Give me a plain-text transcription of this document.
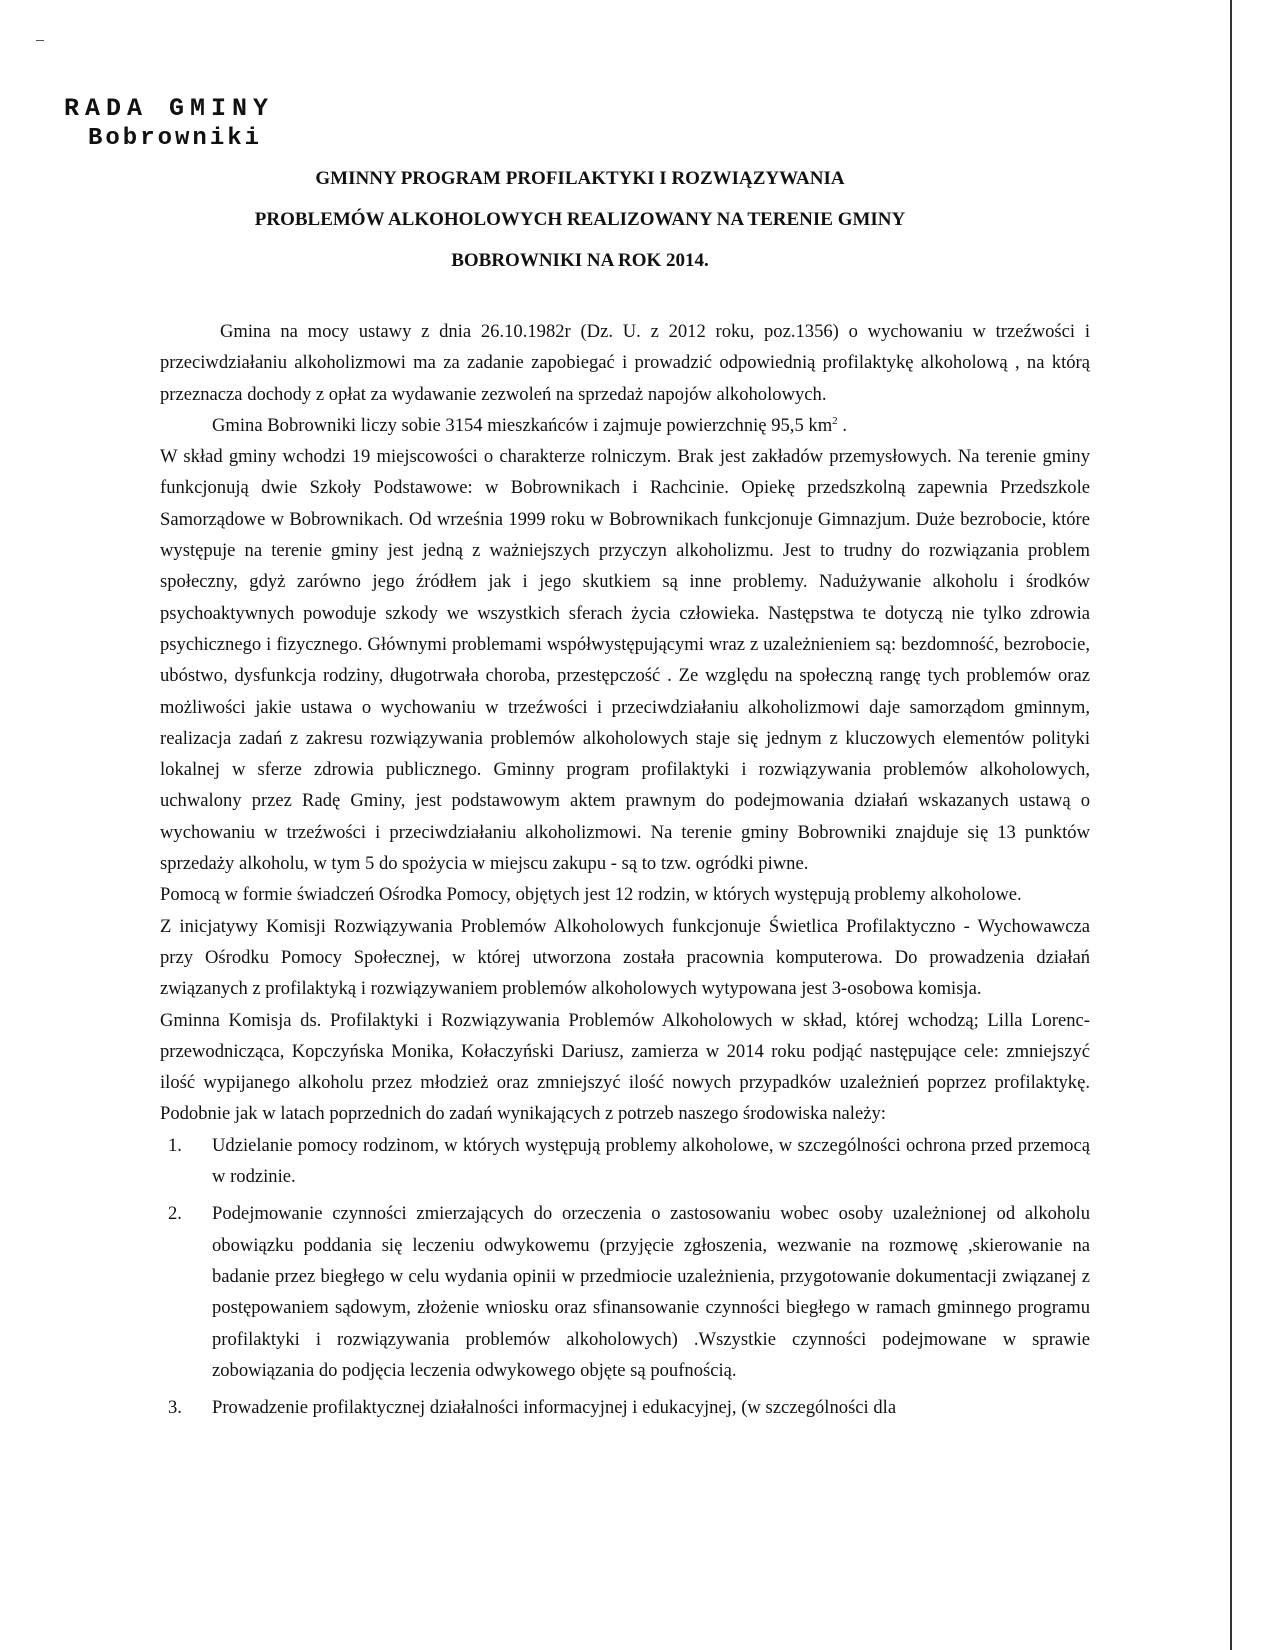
RADA GMINY
Bobrowniki
GMINNY PROGRAM PROFILAKTYKI I ROZWIĄZYWANIA
PROBLEMÓW ALKOHOLOWYCH REALIZOWANY NA TERENIE GMINY
BOBROWNIKI NA ROK 2014.

Gmina na mocy ustawy z dnia 26.10.1982r (Dz. U. z 2012 roku, poz.1356) o wychowaniu w trzeźwości i przeciwdziałaniu alkoholizmowi ma za zadanie zapobiegać i prowadzić odpowiednią profilaktykę alkoholową , na którą przeznacza dochody z opłat za wydawanie zezwoleń na sprzedaż napojów alkoholowych.

Gmina Bobrowniki liczy sobie 3154 mieszkańców i zajmuje powierzchnię 95,5 $km^2$ .

W skład gminy wchodzi 19 miejscowości o charakterze rolniczym. Brak jest zakładów przemysłowych. Na terenie gminy funkcjonują dwie Szkoły Podstawowe: w Bobrownikach i Rachcinie. Opiekę przedszkolną zapewnia Przedszkole Samorządowe w Bobrownikach. Od września 1999 roku w Bobrownikach funkcjonuje Gimnazjum. Duże bezrobocie, które występuje na terenie gminy jest jedną z ważniejszych przyczyn alkoholizmu. Jest to trudny do rozwiązania problem społeczny, gdyż zarówno jego źródłem jak i jego skutkiem są inne problemy. Nadużywanie alkoholu i środków psychoaktywnych powoduje szkody we wszystkich sferach życia człowieka. Następstwa te dotyczą nie tylko zdrowia psychicznego i fizycznego. Głównymi problemami współwystępującymi wraz z uzależnieniem są: bezdomność, bezrobocie, ubóstwo, dysfunkcja rodziny, długotrwała choroba, przestępczość . Ze względu na społeczną rangę tych problemów oraz możliwości jakie ustawa o wychowaniu w trzeźwości i przeciwdziałaniu alkoholizmowi daje samorządom gminnym, realizacja zadań z zakresu rozwiązywania problemów alkoholowych staje się jednym z kluczowych elementów polityki lokalnej w sferze zdrowia publicznego. Gminny program profilaktyki i rozwiązywania problemów alkoholowych, uchwalony przez Radę Gminy, jest podstawowym aktem prawnym do podejmowania działań wskazanych ustawą o wychowaniu w trzeźwości i przeciwdziałaniu alkoholizmowi. Na terenie gminy Bobrowniki znajduje się 13 punktów sprzedaży alkoholu, w tym 5 do spożycia w miejscu zakupu - są to tzw. ogródki piwne.

Pomocą w formie świadczeń Ośrodka Pomocy, objętych jest 12 rodzin, w których występują problemy alkoholowe.

Z inicjatywy Komisji Rozwiązywania Problemów Alkoholowych funkcjonuje Świetlica Profilaktyczno - Wychowawcza przy Ośrodku Pomocy Społecznej, w której utworzona została pracownia komputerowa. Do prowadzenia działań związanych z profilaktyką i rozwiązywaniem problemów alkoholowych wytypowana jest 3-osobowa komisja.

Gminna Komisja ds. Profilaktyki i Rozwiązywania Problemów Alkoholowych w skład, której wchodzą; Lilla Lorenc- przewodnicząca, Kopczyńska Monika, Kołaczyński Dariusz, zamierza w 2014 roku podjąć następujące cele: zmniejszyć ilość wypijanego alkoholu przez młodzież oraz zmniejszyć ilość nowych przypadków uzależnień poprzez profilaktykę. Podobnie jak w latach poprzednich do zadań wynikających z potrzeb naszego środowiska należy:

1. Udzielanie pomocy rodzinom, w których występują problemy alkoholowe, w szczególności ochrona przed przemocą w rodzinie.
2. Podejmowanie czynności zmierzających do orzeczenia o zastosowaniu wobec osoby uzależnionej od alkoholu obowiązku poddania się leczeniu odwykowemu (przyjęcie zgłoszenia, wezwanie na rozmowę ,skierowanie na badanie przez biegłego w celu wydania opinii w przedmiocie uzależnienia, przygotowanie dokumentacji związanej z postępowaniem sądowym, złożenie wniosku oraz sfinansowanie czynności biegłego w ramach gminnego programu profilaktyki i rozwiązywania problemów alkoholowych) .Wszystkie czynności podejmowane w sprawie zobowiązania do podjęcia leczenia odwykowego objęte są poufnością.
3. Prowadzenie profilaktycznej działalności informacyjnej i edukacyjnej, (w szczególności dla
